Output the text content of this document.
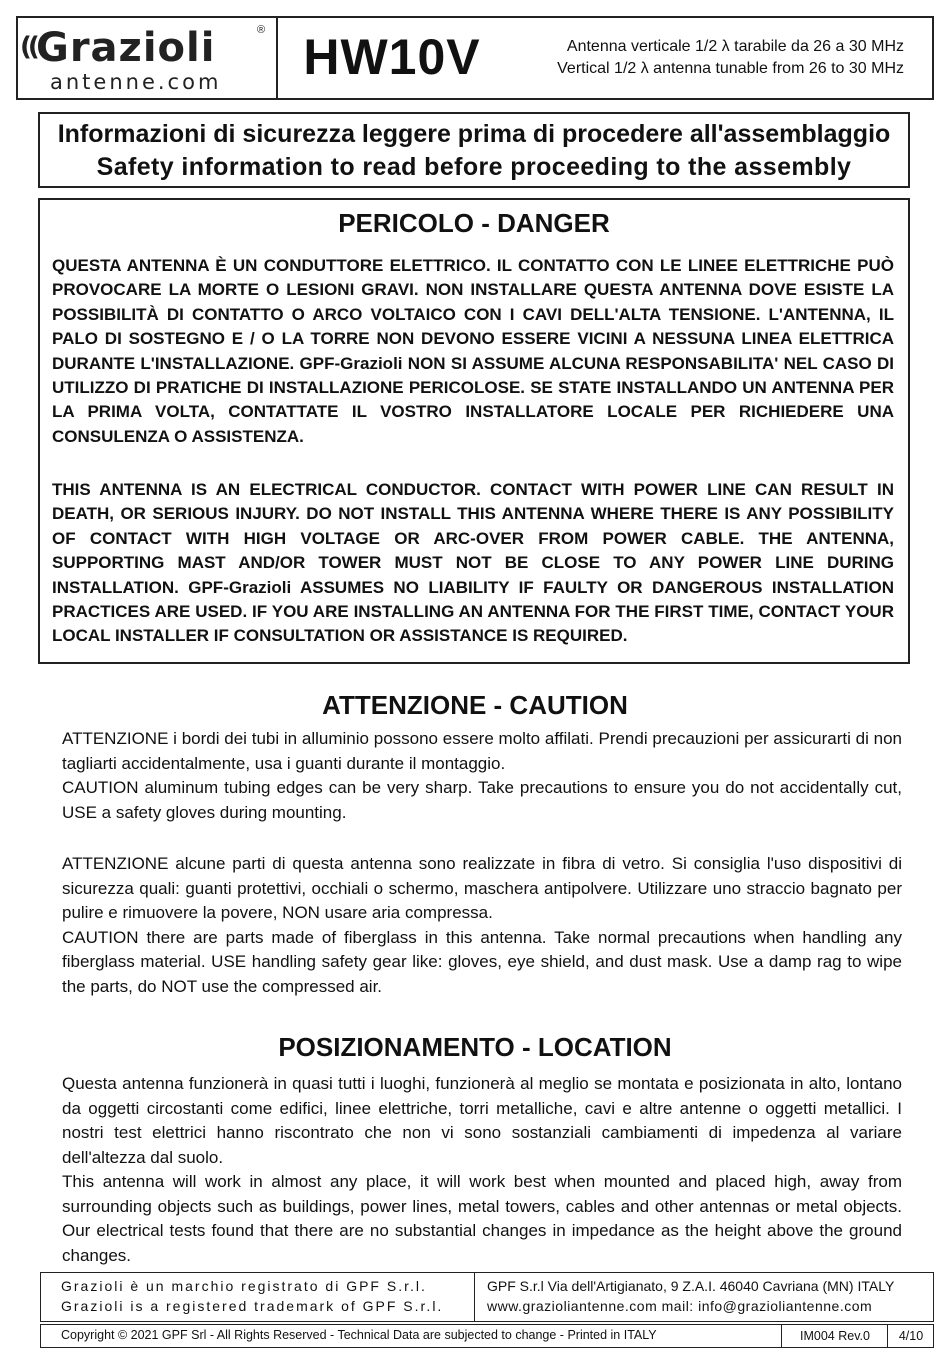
(( Grazioli	®
antenne.com	HW10V	Antenna verticale 1/2 λ tarabile da 26 a 30 MHz
Vertical 1/2 λ antenna tunable from 26 to 30 MHz
Informazioni di sicurezza leggere prima di procedere all'assemblaggio
Safety information to read before proceeding to the assembly
PERICOLO - DANGER
QUESTA ANTENNA È UN CONDUTTORE ELETTRICO. IL CONTATTO CON LE LINEE ELETTRICHE PUÒ PROVOCARE LA MORTE O LESIONI GRAVI. NON INSTALLARE QUESTA ANTENNA DOVE ESISTE LA POSSIBILITÀ DI CONTATTO O ARCO VOLTAICO CON I CAVI DELL'ALTA TENSIONE. L'ANTENNA, IL PALO DI SOSTEGNO E / O LA TORRE NON DEVONO ESSERE VICINI A NESSUNA LINEA ELETTRICA DURANTE L'INSTALLAZIONE. GPF-Grazioli NON SI ASSUME ALCUNA RESPONSABILITA' NEL CASO DI UTILIZZO DI PRATICHE DI INSTALLAZIONE PERICOLOSE. SE STATE INSTALLANDO UN ANTENNA PER LA PRIMA VOLTA, CONTATTATE IL VOSTRO INSTALLATORE LOCALE PER RICHIEDERE UNA CONSULENZA O ASSISTENZA.
THIS ANTENNA IS AN ELECTRICAL CONDUCTOR. CONTACT WITH POWER LINE CAN RESULT IN DEATH, OR SERIOUS INJURY. DO NOT INSTALL THIS ANTENNA WHERE THERE IS ANY POSSIBILITY OF CONTACT WITH HIGH VOLTAGE OR ARC-OVER FROM POWER CABLE. THE ANTENNA, SUPPORTING MAST AND/OR TOWER MUST NOT BE CLOSE TO ANY POWER LINE DURING INSTALLATION. GPF-Grazioli ASSUMES NO LIABILITY IF FAULTY OR DANGEROUS INSTALLATION PRACTICES ARE USED. IF YOU ARE INSTALLING AN ANTENNA FOR THE FIRST TIME, CONTACT YOUR LOCAL INSTALLER IF CONSULTATION OR ASSISTANCE IS REQUIRED.
ATTENZIONE - CAUTION

ATTENZIONE i bordi dei tubi in alluminio possono essere molto affilati. Prendi precauzioni per assicurarti di non tagliarti accidentalmente, usa i guanti durante il montaggio.

CAUTION aluminum tubing edges can be very sharp. Take precautions to ensure you do not accidentally cut, USE a safety gloves during mounting.

ATTENZIONE alcune parti di questa antenna sono realizzate in fibra di vetro. Si consiglia l'uso dispositivi di sicurezza quali: guanti protettivi, occhiali o schermo, maschera antipolvere. Utilizzare uno straccio bagnato per pulire e rimuovere la povere, NON usare aria compressa.

CAUTION there are parts made of fiberglass in this antenna. Take normal precautions when handling any fiberglass material. USE handling safety gear like: gloves, eye shield, and dust mask. Use a damp rag to wipe the parts, do NOT use the compressed air.

POSIZIONAMENTO - LOCATION

Questa antenna funzionerà in quasi tutti i luoghi, funzionerà al meglio se montata e posizionata in alto, lontano da oggetti circostanti come edifici, linee elettriche, torri metalliche, cavi e altre antenne o oggetti metallici. I nostri test elettrici hanno riscontrato che non vi sono sostanziali cambiamenti di impedenza al variare dell'altezza dal suolo.

This antenna will work in almost any place, it will work best when mounted and placed high, away from surrounding objects such as buildings, power lines, metal towers, cables and other antennas or metal objects. Our electrical tests found that there are no substantial changes in impedance as the height above the ground changes.

Grazioli è un marchio registrato di GPF S.r.l.
Grazioli is a registered trademark of GPF S.r.l.
GPF S.r.l Via dell'Artigianato, 9 Z.A.I. 46040 Cavriana (MN) ITALY
www.grazioliantenne.com mail: info@grazioliantenne.com
Copyright © 2021 GPF Srl - All Rights Reserved - Technical Data are subjected to change - Printed in ITALY	IM004 Rev.0	4/10
